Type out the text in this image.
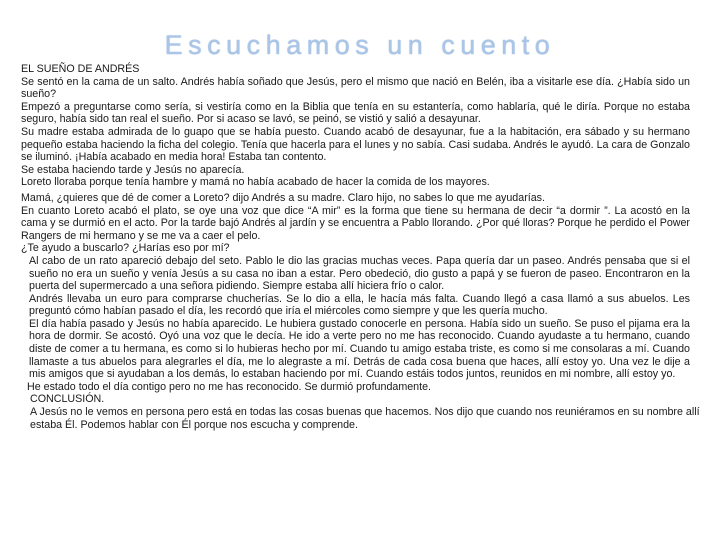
Escuchamos un cuento

EL SUEÑO DE ANDRÉS

Se sentó en la cama de un salto. Andrés había soñado que Jesús, pero el mismo que nació en Belén, iba a visitarle ese día. ¿Había sido un sueño?

Empezó a preguntarse como sería, si vestiría como en la Biblia que tenía en su estantería, como hablaría, qué le diría. Porque no estaba seguro, había sido tan real el sueño. Por si acaso se lavó, se peinó, se vistió y salió a desayunar.

Su madre estaba admirada de lo guapo que se había puesto. Cuando acabó de desayunar, fue a la habitación, era sábado y su hermano pequeño estaba haciendo la ficha del colegio. Tenía que hacerla para el lunes y no sabía. Casi sudaba. Andrés le ayudó. La cara de Gonzalo se iluminó. ¡Había acabado en media hora! Estaba tan contento.

Se estaba haciendo tarde y Jesús no aparecía.

Loreto lloraba porque tenía hambre y mamá no había acabado de hacer la comida de los mayores.

Mamá, ¿quieres que dé de comer a Loreto? dijo Andrés a su madre. Claro hijo, no sabes lo que me ayudarías.

En cuanto Loreto acabó el plato, se oye una voz que dice “A mir” es la forma que tiene su hermana de decir “a dormir ”. La acostó en la cama y se durmió en el acto. Por la tarde bajó Andrés al jardín y se encuentra a Pablo llorando. ¿Por qué lloras? Porque he perdido el Power Rangers de mi hermano y se me va a caer el pelo.

¿Te ayudo a buscarlo? ¿Harías eso por mí?

Al cabo de un rato apareció debajo del seto. Pablo le dio las gracias muchas veces. Papa quería dar un paseo. Andrés pensaba que si el sueño no era un sueño y venía Jesús a su casa no iban a estar. Pero obedeció, dio gusto a papá y se fueron de paseo. Encontraron en la puerta del supermercado a una señora pidiendo. Siempre estaba allí hiciera frío o calor.

Andrés llevaba un euro para comprarse chucherías. Se lo dio a ella, le hacía más falta. Cuando llegó a casa llamó a sus abuelos. Les preguntó cómo habían pasado el día, les recordó que iría el miércoles como siempre y que les quería mucho.

El día había pasado y Jesús no había aparecido. Le hubiera gustado conocerle en persona. Había sido un sueño. Se puso el pijama era la hora de dormir. Se acostó. Oyó una voz que le decía. He ido a verte pero no me has reconocido. Cuando ayudaste a tu hermano, cuando diste de comer a tu hermana, es como si lo hubieras hecho por mí. Cuando tu amigo estaba triste, es como si me consolaras a mí. Cuando llamaste a tus abuelos para alegrarles el día, me lo alegraste a mí. Detrás de cada cosa buena que haces, allí estoy yo. Una vez le dije a mis amigos que si ayudaban a los demás, lo estaban haciendo por mí. Cuando estáis todos juntos, reunidos en mi nombre, allí estoy yo.

He estado todo el día contigo pero no me has reconocido. Se durmió profundamente.

CONCLUSIÓN.

A Jesús no le vemos en persona pero está en todas las cosas buenas que hacemos. Nos dijo que cuando nos reuniéramos en su nombre allí estaba Él. Podemos hablar con Él porque nos escucha y comprende.
